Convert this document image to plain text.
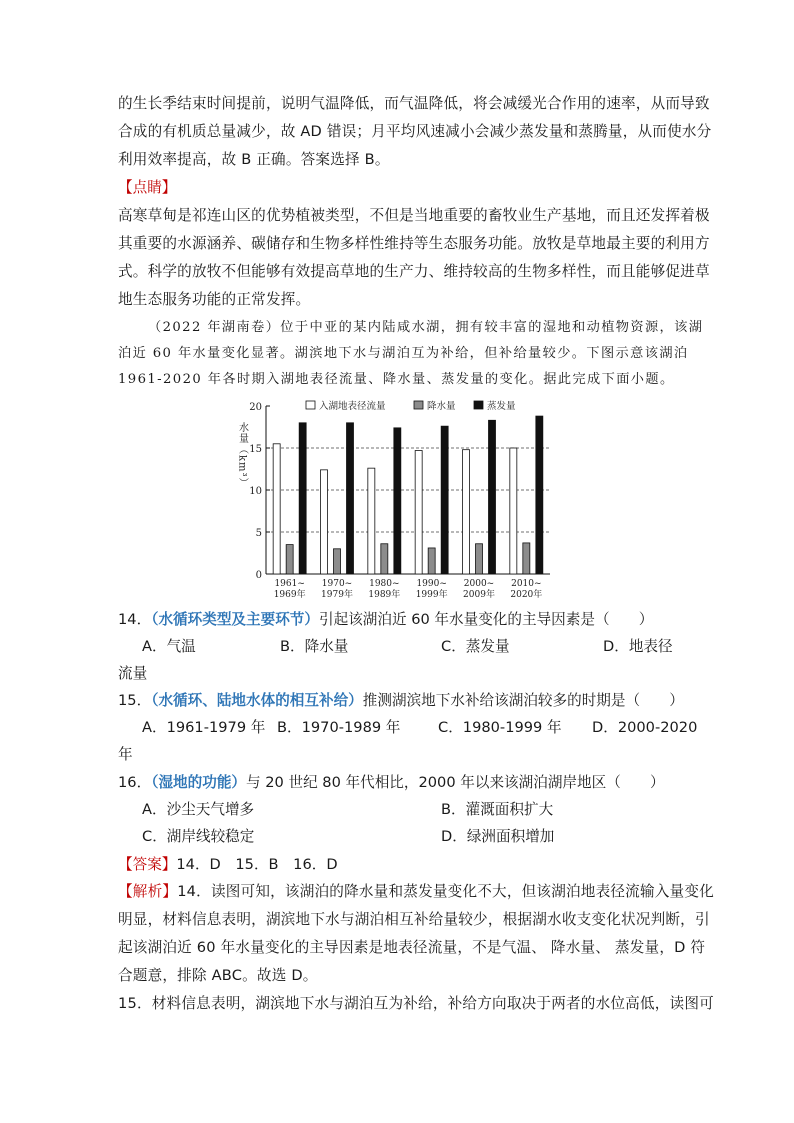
的生长季结束时间提前，说明气温降低，而气温降低，将会减缓光合作用的速率，从而导致
合成的有机质总量减少，故 AD 错误；月平均风速减小会减少蒸发量和蒸腾量，从而使水分
利用效率提高，故 B 正确。答案选择 B。
【点睛】
高寒草甸是祁连山区的优势植被类型，不但是当地重要的畜牧业生产基地，而且还发挥着极
其重要的水源涵养、碳储存和生物多样性维持等生态服务功能。放牧是草地最主要的利用方
式。科学的放牧不但能够有效提高草地的生产力、维持较高的生物多样性，而且能够促进草
地生态服务功能的正常发挥。
（2022 年湖南卷）位于中亚的某内陆咸水湖，拥有较丰富的湿地和动植物资源，该湖
泊近 60 年水量变化显著。湖滨地下水与湖泊互为补给，但补给量较少。下图示意该湖泊
1961-2020 年各时期入湖地表径流量、降水量、蒸发量的变化。据此完成下面小题。
水量（km³）
0
5
10
15
20
1961~
1969年
1970~
1979年
1980~
1989年
1990~
1999年
2000~
2009年
2010~
2020年
入湖地表径流量	降水量	蒸发量
14．（水循环类型及主要环节）引起该湖泊近 60 年水量变化的主导因素是（　　）
A．气温	B．降水量	C．蒸发量	D．地表径
流量
15．（水循环、陆地水体的相互补给）推测湖滨地下水补给该湖泊较多的时期是（　　）
A．1961-1979 年 B．1970-1989 年	C．1980-1999 年 D．2000-2020
年
16．（湿地的功能）与 20 世纪 80 年代相比，2000 年以来该湖泊湖岸地区（　　）
A．沙尘天气增多	B．灌溉面积扩大
C．湖岸线较稳定	D．绿洲面积增加
【答案】14．D　15．B　16．D
【解析】14．读图可知，该湖泊的降水量和蒸发量变化不大，但该湖泊地表径流输入量变化
明显，材料信息表明，湖滨地下水与湖泊相互补给量较少，根据湖水收支变化状况判断，引
起该湖泊近 60 年水量变化的主导因素是地表径流量，不是气温、 降水量、 蒸发量，D 符
合题意，排除 ABC。故选 D。
15．材料信息表明，湖滨地下水与湖泊互为补给，补给方向取决于两者的水位高低，读图可
